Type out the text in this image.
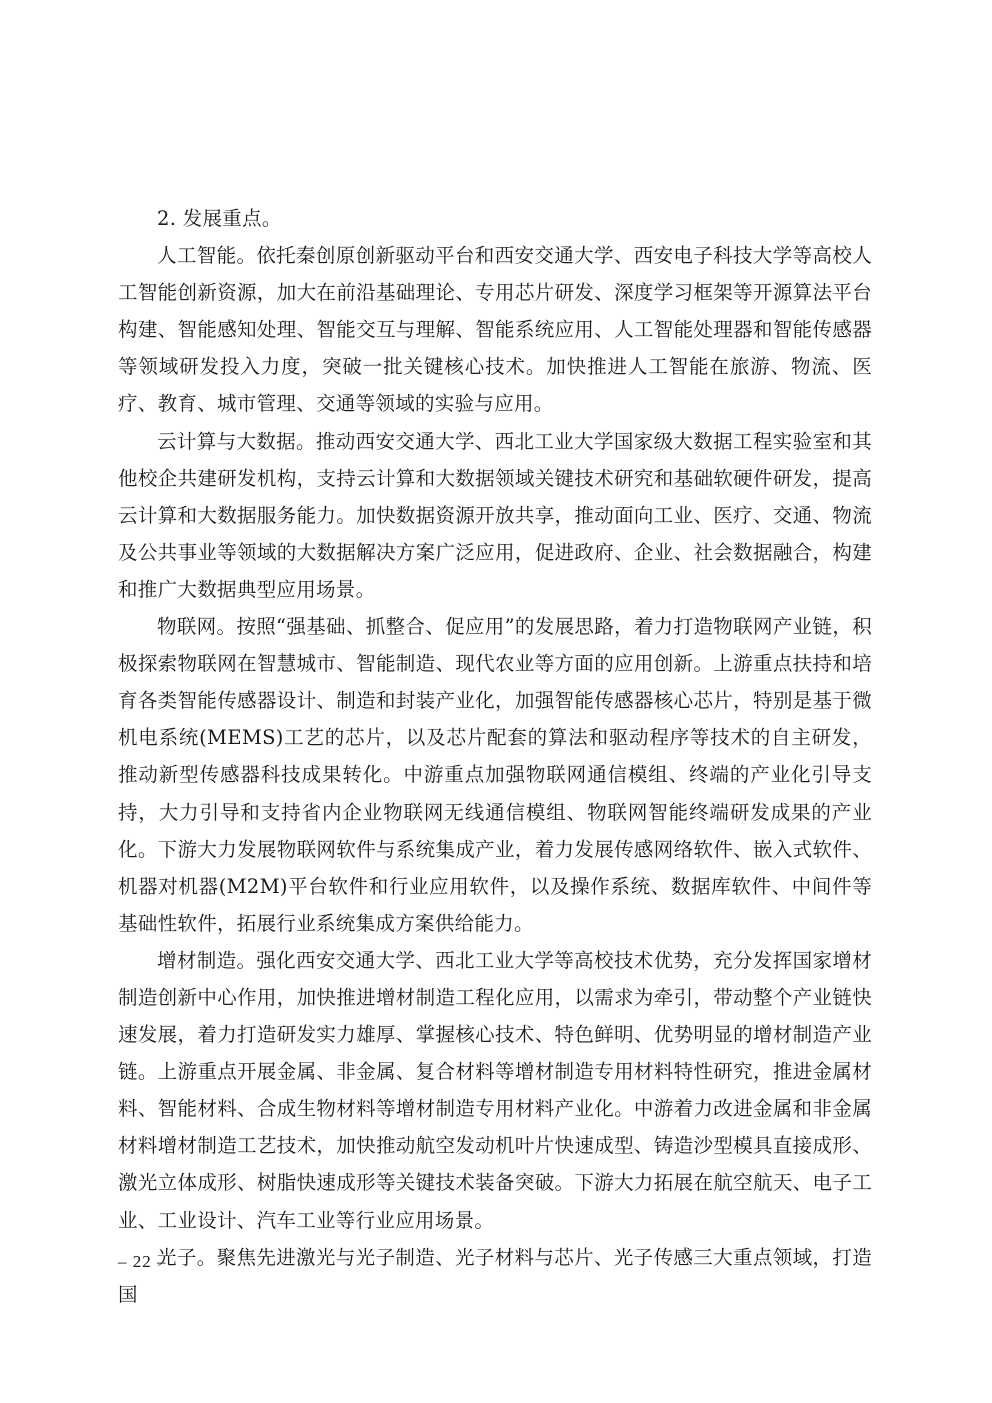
2. 发展重点。

人工智能。依托秦创原创新驱动平台和西安交通大学、西安电子科技大学等高校人工智能创新资源，加大在前沿基础理论、专用芯片研发、深度学习框架等开源算法平台构建、智能感知处理、智能交互与理解、智能系统应用、人工智能处理器和智能传感器等领域研发投入力度，突破一批关键核心技术。加快推进人工智能在旅游、物流、医疗、教育、城市管理、交通等领域的实验与应用。

云计算与大数据。推动西安交通大学、西北工业大学国家级大数据工程实验室和其他校企共建研发机构，支持云计算和大数据领域关键技术研究和基础软硬件研发，提高云计算和大数据服务能力。加快数据资源开放共享，推动面向工业、医疗、交通、物流及公共事业等领域的大数据解决方案广泛应用，促进政府、企业、社会数据融合，构建和推广大数据典型应用场景。

物联网。按照“强基础、抓整合、促应用”的发展思路，着力打造物联网产业链，积极探索物联网在智慧城市、智能制造、现代农业等方面的应用创新。上游重点扶持和培育各类智能传感器设计、制造和封装产业化，加强智能传感器核心芯片，特别是基于微机电系统(MEMS)工艺的芯片，以及芯片配套的算法和驱动程序等技术的自主研发，推动新型传感器科技成果转化。中游重点加强物联网通信模组、终端的产业化引导支持，大力引导和支持省内企业物联网无线通信模组、物联网智能终端研发成果的产业化。下游大力发展物联网软件与系统集成产业，着力发展传感网络软件、嵌入式软件、机器对机器(M2M)平台软件和行业应用软件，以及操作系统、数据库软件、中间件等基础性软件，拓展行业系统集成方案供给能力。

增材制造。强化西安交通大学、西北工业大学等高校技术优势，充分发挥国家增材制造创新中心作用，加快推进增材制造工程化应用，以需求为牵引，带动整个产业链快速发展，着力打造研发实力雄厚、掌握核心技术、特色鲜明、优势明显的增材制造产业链。上游重点开展金属、非金属、复合材料等增材制造专用材料特性研究，推进金属材料、智能材料、合成生物材料等增材制造专用材料产业化。中游着力改进金属和非金属材料增材制造工艺技术，加快推动航空发动机叶片快速成型、铸造沙型模具直接成形、激光立体成形、树脂快速成形等关键技术装备突破。下游大力拓展在航空航天、电子工业、工业设计、汽车工业等行业应用场景。

光子。聚焦先进激光与光子制造、光子材料与芯片、光子传感三大重点领域，打造国

– 22 –
